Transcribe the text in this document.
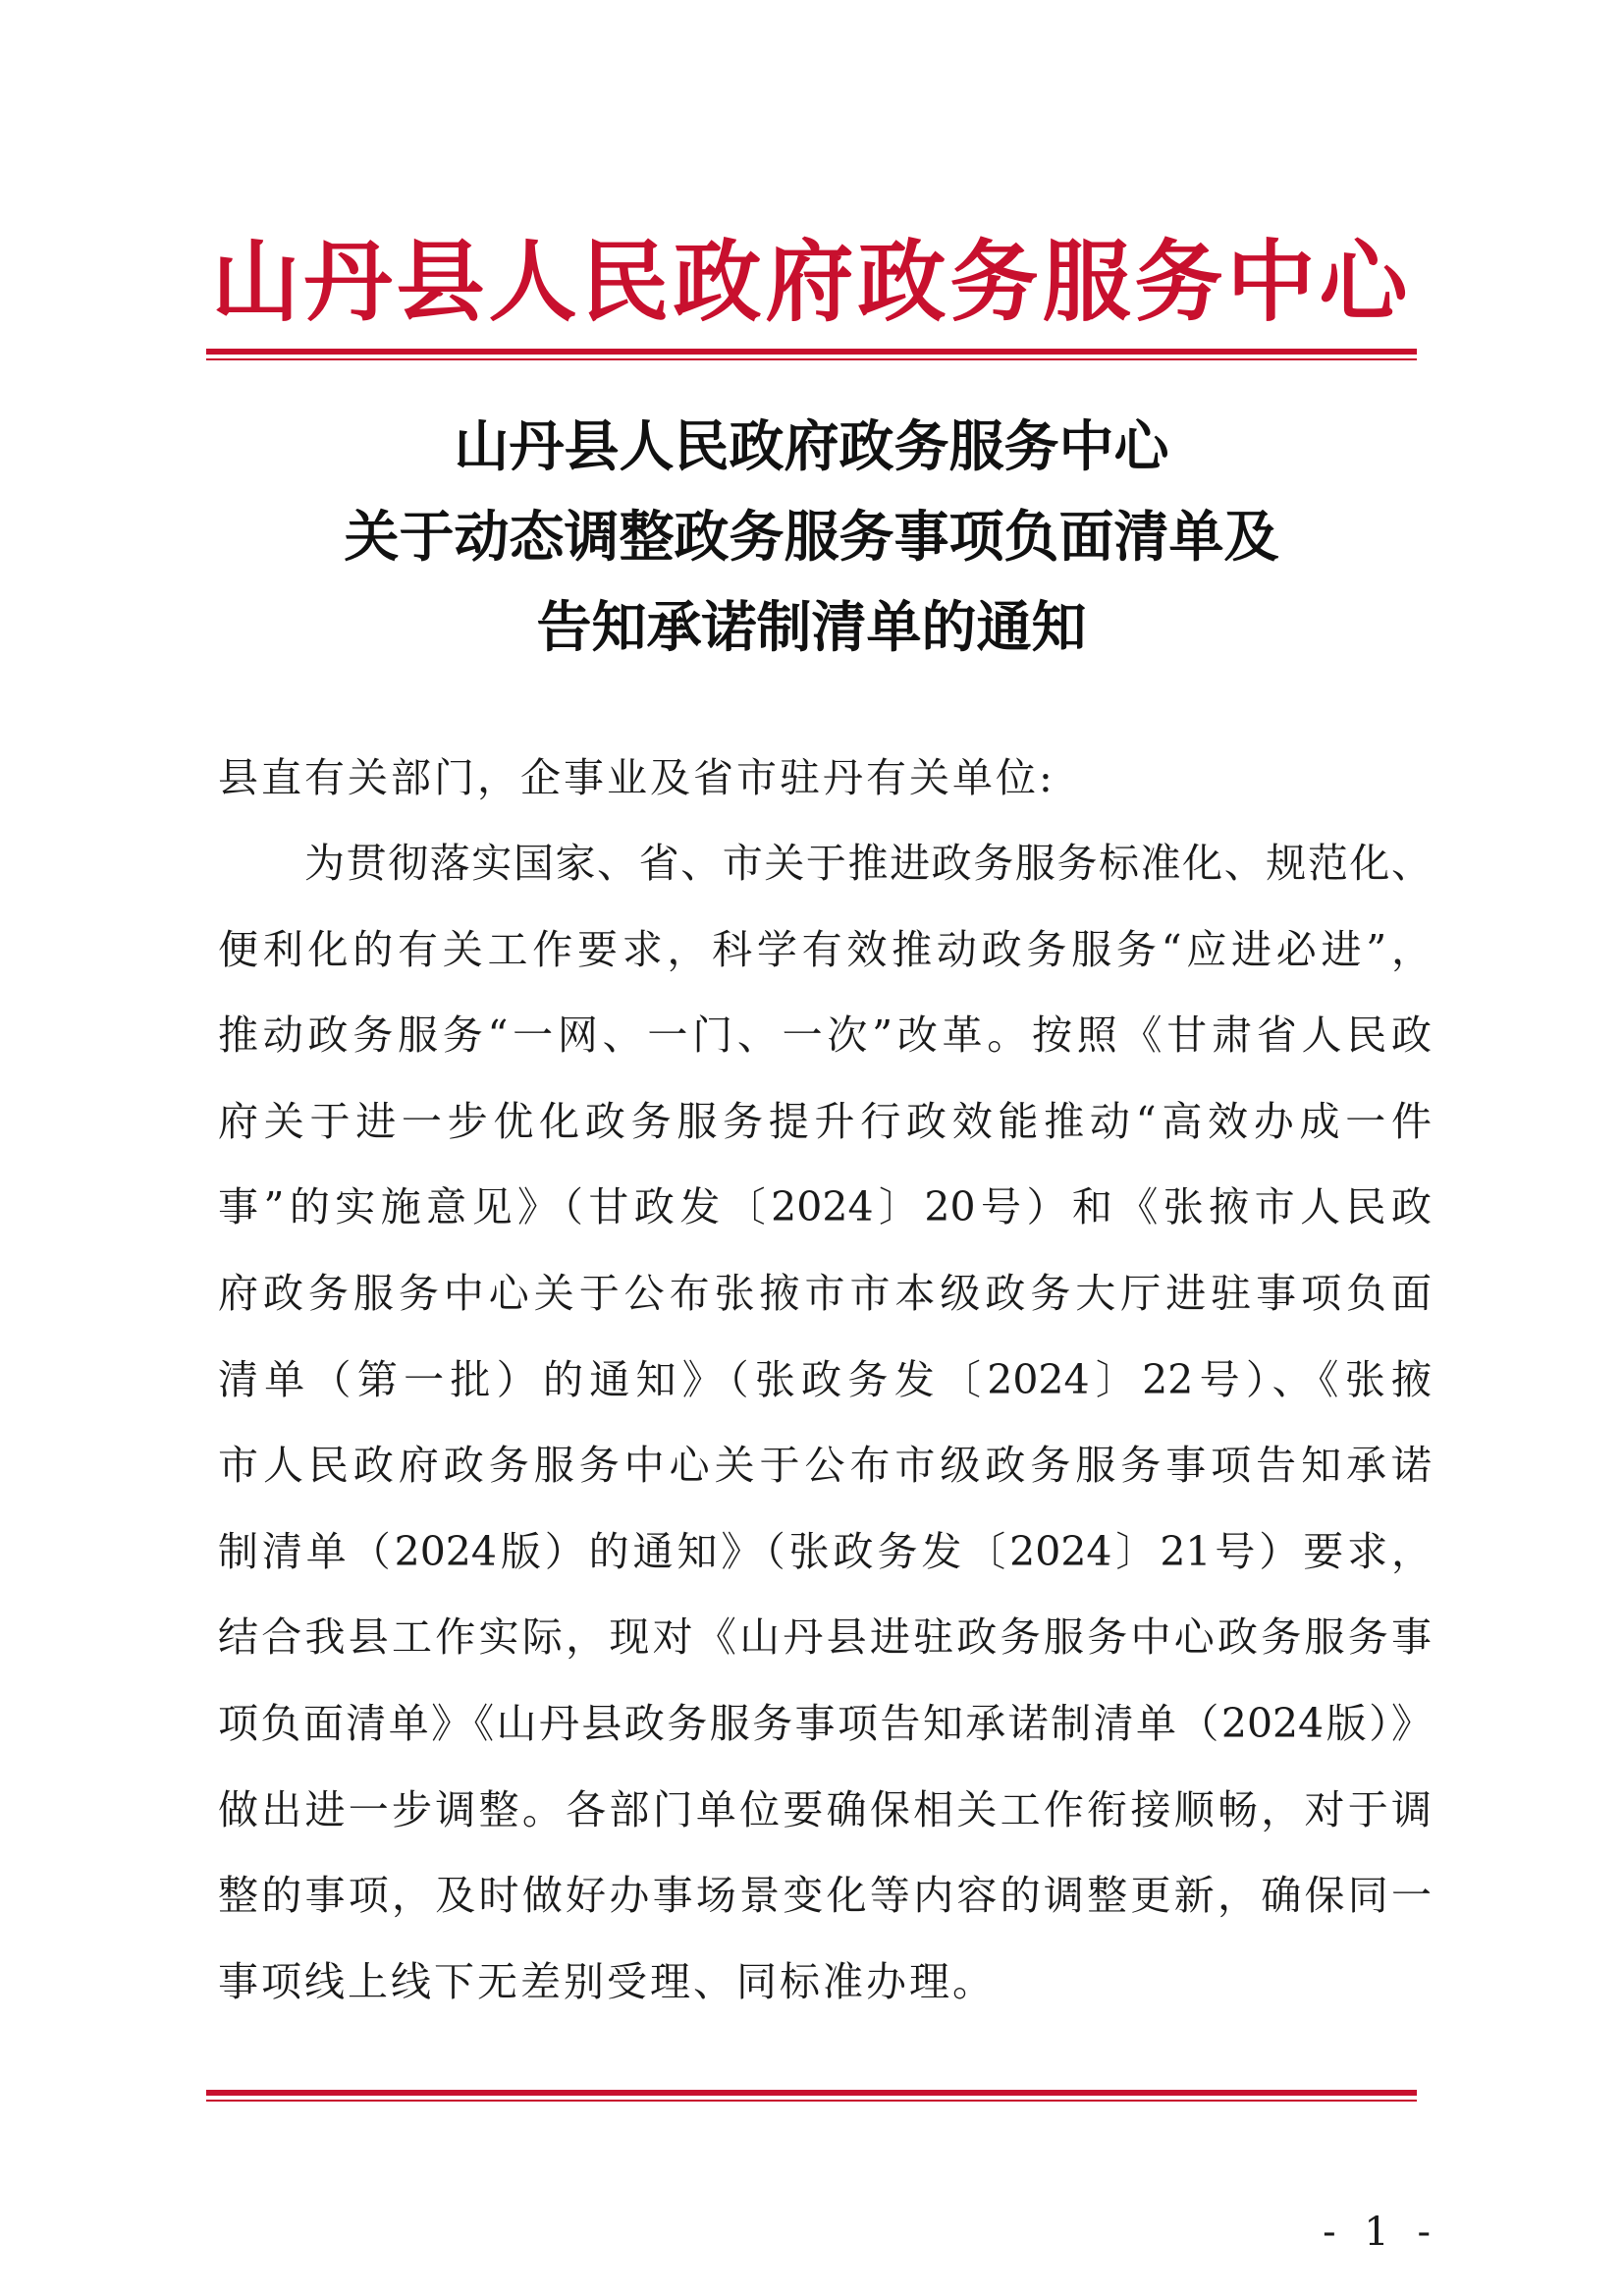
山丹县人民政府政务服务中心
山丹县人民政府政务服务中心
关于动态调整政务服务事项负面清单及
告知承诺制清单的通知
县直有关部门，企事业及省市驻丹有关单位:
为贯彻落实国家、省、市关于推进政务服务标准化、规范化、
便利化的有关工作要求，科学有效推动政务服务“应进必进”，
推动政务服务“一网、一门、一次”改革。按照《甘肃省人民政
府关于进一步优化政务服务提升行政效能推动“高效办成一件
事”的实施意见》（甘政发〔2024〕20号）和《张掖市人民政
府政务服务中心关于公布张掖市市本级政务大厅进驻事项负面
清单（第一批）的通知》（张政务发〔2024〕22号）、《张掖
市人民政府政务服务中心关于公布市级政务服务事项告知承诺
制清单（2024版）的通知》（张政务发〔2024〕21号）要求，
结合我县工作实际，现对《山丹县进驻政务服务中心政务服务事
项负面清单》《山丹县政务服务事项告知承诺制清单（2024版）》
做出进一步调整。各部门单位要确保相关工作衔接顺畅，对于调
整的事项，及时做好办事场景变化等内容的调整更新，确保同一
事项线上线下无差别受理、同标准办理。
- 1 -
